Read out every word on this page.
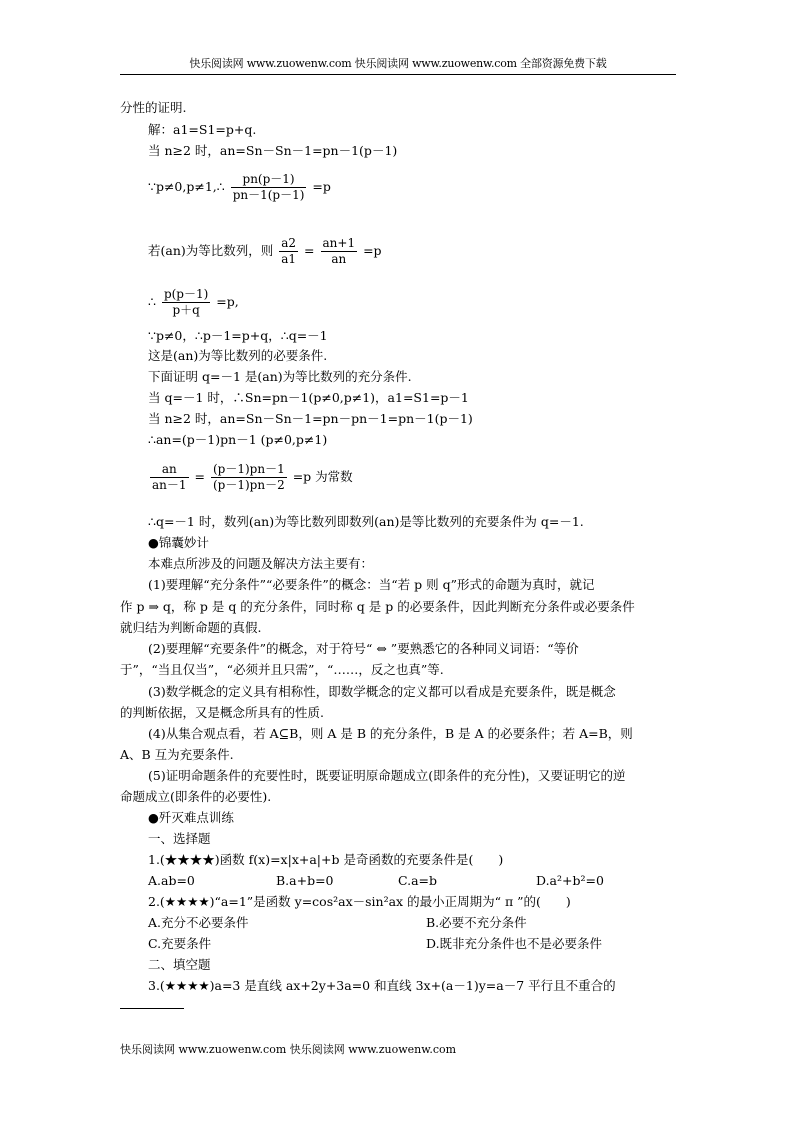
快乐阅读网 www.zuowenw.com 快乐阅读网 www.zuowenw.com 全部资源免费下载
分性的证明.
解：a1=S1=p+q.
当 n≥2 时，an=Sn－Sn－1=pn－1(p－1)
∵p≠0,p≠1,∴ $\frac{pn(p-1)}{pn-1(p-1)} =p$
若(an)为等比数列，则 $\frac{a2}{a1} = \frac{an+1}{an} =p$
∴ $\frac{p(p-1)}{p+q} =p$,
∵p≠0，∴p－1=p+q，∴q=－1
这是(an)为等比数列的必要条件.
下面证明 q=－1 是(an)为等比数列的充分条件.
当 q=－1 时，∴Sn=pn－1(p≠0,p≠1)，a1=S1=p－1
当 n≥2 时，an=Sn－Sn－1=pn－pn－1=pn－1(p－1)
∴an=(p－1)pn－1 (p≠0,p≠1)
$\frac{an}{an-1} = \frac{(p-1)pn-1}{(p-1)pn-2} =p$ 为常数
∴q=－1 时，数列(an)为等比数列即数列(an)是等比数列的充要条件为 q=－1.
●锦囊妙计
本难点所涉及的问题及解决方法主要有：
(1)要理解“充分条件”“必要条件”的概念：当“若 p 则 q”形式的命题为真时，就记
作 p ⇒ q，称 p 是 q 的充分条件，同时称 q 是 p 的必要条件，因此判断充分条件或必要条件
就归结为判断命题的真假.
(2)要理解“充要条件”的概念，对于符号“ ⇔ ”要熟悉它的各种同义词语：“等价
于”，“当且仅当”，“必须并且只需”，“……，反之也真”等.
(3)数学概念的定义具有相称性，即数学概念的定义都可以看成是充要条件，既是概念
的判断依据，又是概念所具有的性质.
(4)从集合观点看，若 A⊆B，则 A 是 B 的充分条件，B 是 A 的必要条件；若 A=B，则
A、B 互为充要条件.
(5)证明命题条件的充要性时，既要证明原命题成立(即条件的充分性)，又要证明它的逆
命题成立(即条件的必要性).
●歼灭难点训练
一、选择题
1.(★★★★)函数 f(x)=x|x+a|+b 是奇函数的充要条件是(　　)
A.ab=0	B.a+b=0	C.a=b	D.a²+b²=0
2.(★★★★)“a=1”是函数 y=cos²ax－sin²ax 的最小正周期为“ π ”的(　　)
A.充分不必要条件	B.必要不充分条件
C.充要条件	D.既非充分条件也不是必要条件
二、填空题
3.(★★★★)a=3 是直线 ax+2y+3a=0 和直线 3x+(a－1)y=a－7 平行且不重合的
快乐阅读网 www.zuowenw.com 快乐阅读网 www.zuowenw.com
